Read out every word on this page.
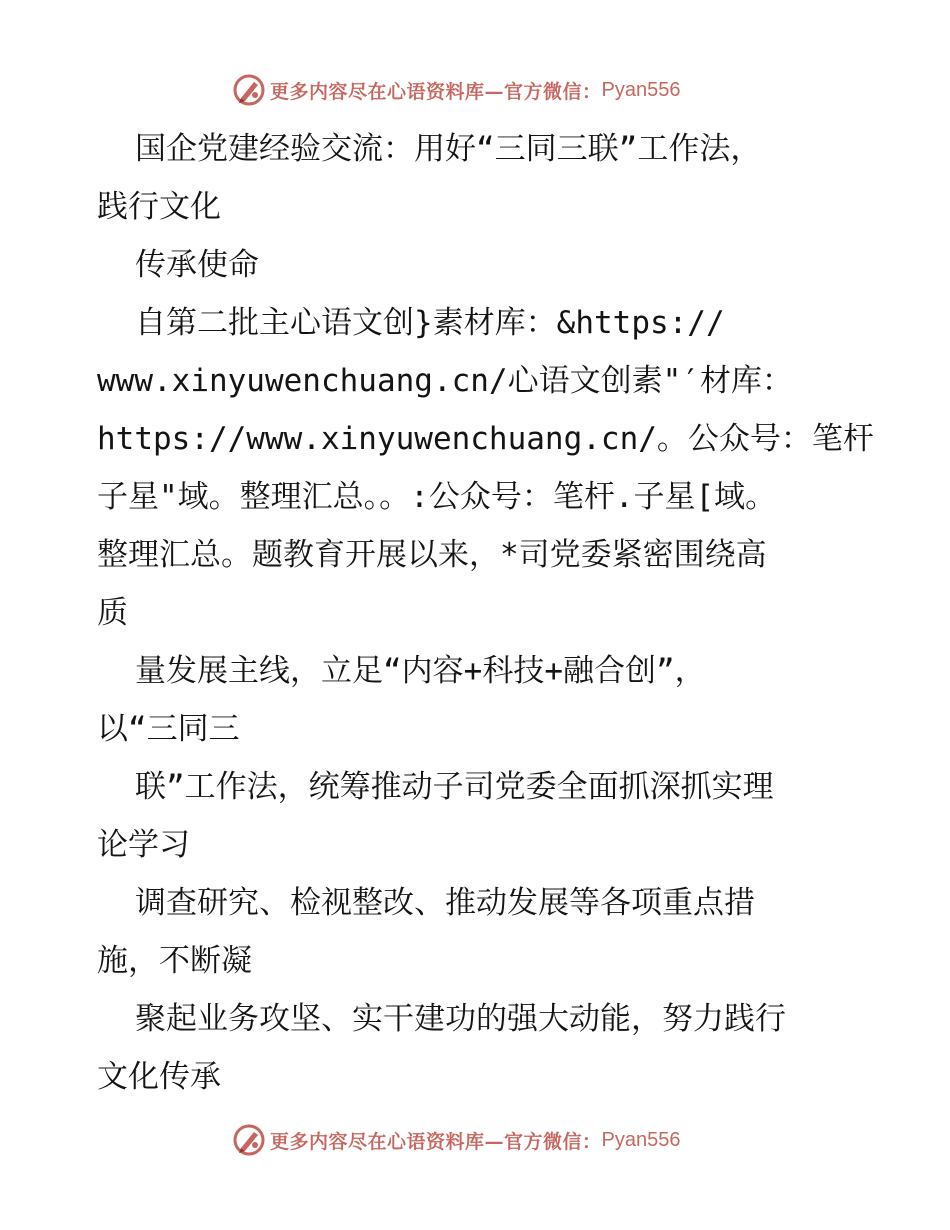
更多内容尽在心语资料库—官方微信： Pyan556
国企党建经验交流：用好“三同三联”工作法，
践行文化
传承使命
自第二批主心语文创}素材库：&https://
www.xinyuwenchuang.cn/心语文创素"′材库：
https://www.xinyuwenchuang.cn/。公众号：笔杆
子星"域。整理汇总。。:公众号：笔杆.子星[域。
整理汇总。题教育开展以来，*司党委紧密围绕高
质
量发展主线，立足“内容+科技+融合创”，
以“三同三
联”工作法，统筹推动子司党委全面抓深抓实理
论学习
调查研究、检视整改、推动发展等各项重点措
施，不断凝
聚起业务攻坚、实干建功的强大动能，努力践行
文化传承
更多内容尽在心语资料库—官方微信： Pyan556
